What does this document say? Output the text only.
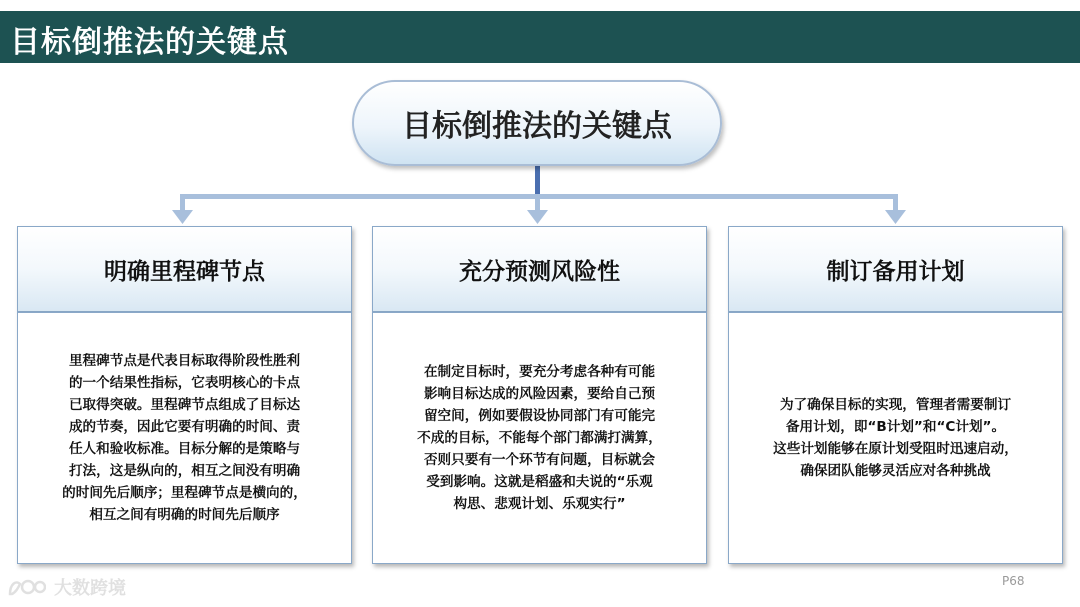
目标倒推法的关键点
目标倒推法的关键点
明确里程碑节点

里程碑节点是代表目标取得阶段性胜利
的一个结果性指标，它表明核心的卡点
已取得突破。里程碑节点组成了目标达
成的节奏，因此它要有明确的时间、责
任人和验收标准。目标分解的是策略与
打法，这是纵向的，相互之间没有明确
的时间先后顺序；里程碑节点是横向的，
相互之间有明确的时间先后顺序

充分预测风险性

在制定目标时，要充分考虑各种有可能
影响目标达成的风险因素，要给自己预
留空间，例如要假设协同部门有可能完
不成的目标，不能每个部门都满打满算，
否则只要有一个环节有问题，目标就会
受到影响。这就是稻盛和夫说的“乐观
构思、悲观计划、乐观实行”

制订备用计划

为了确保目标的实现，管理者需要制订
备用计划，即“B计划”和“C计划”。
这些计划能够在原计划受阻时迅速启动，
确保团队能够灵活应对各种挑战

大数跨境	P68
